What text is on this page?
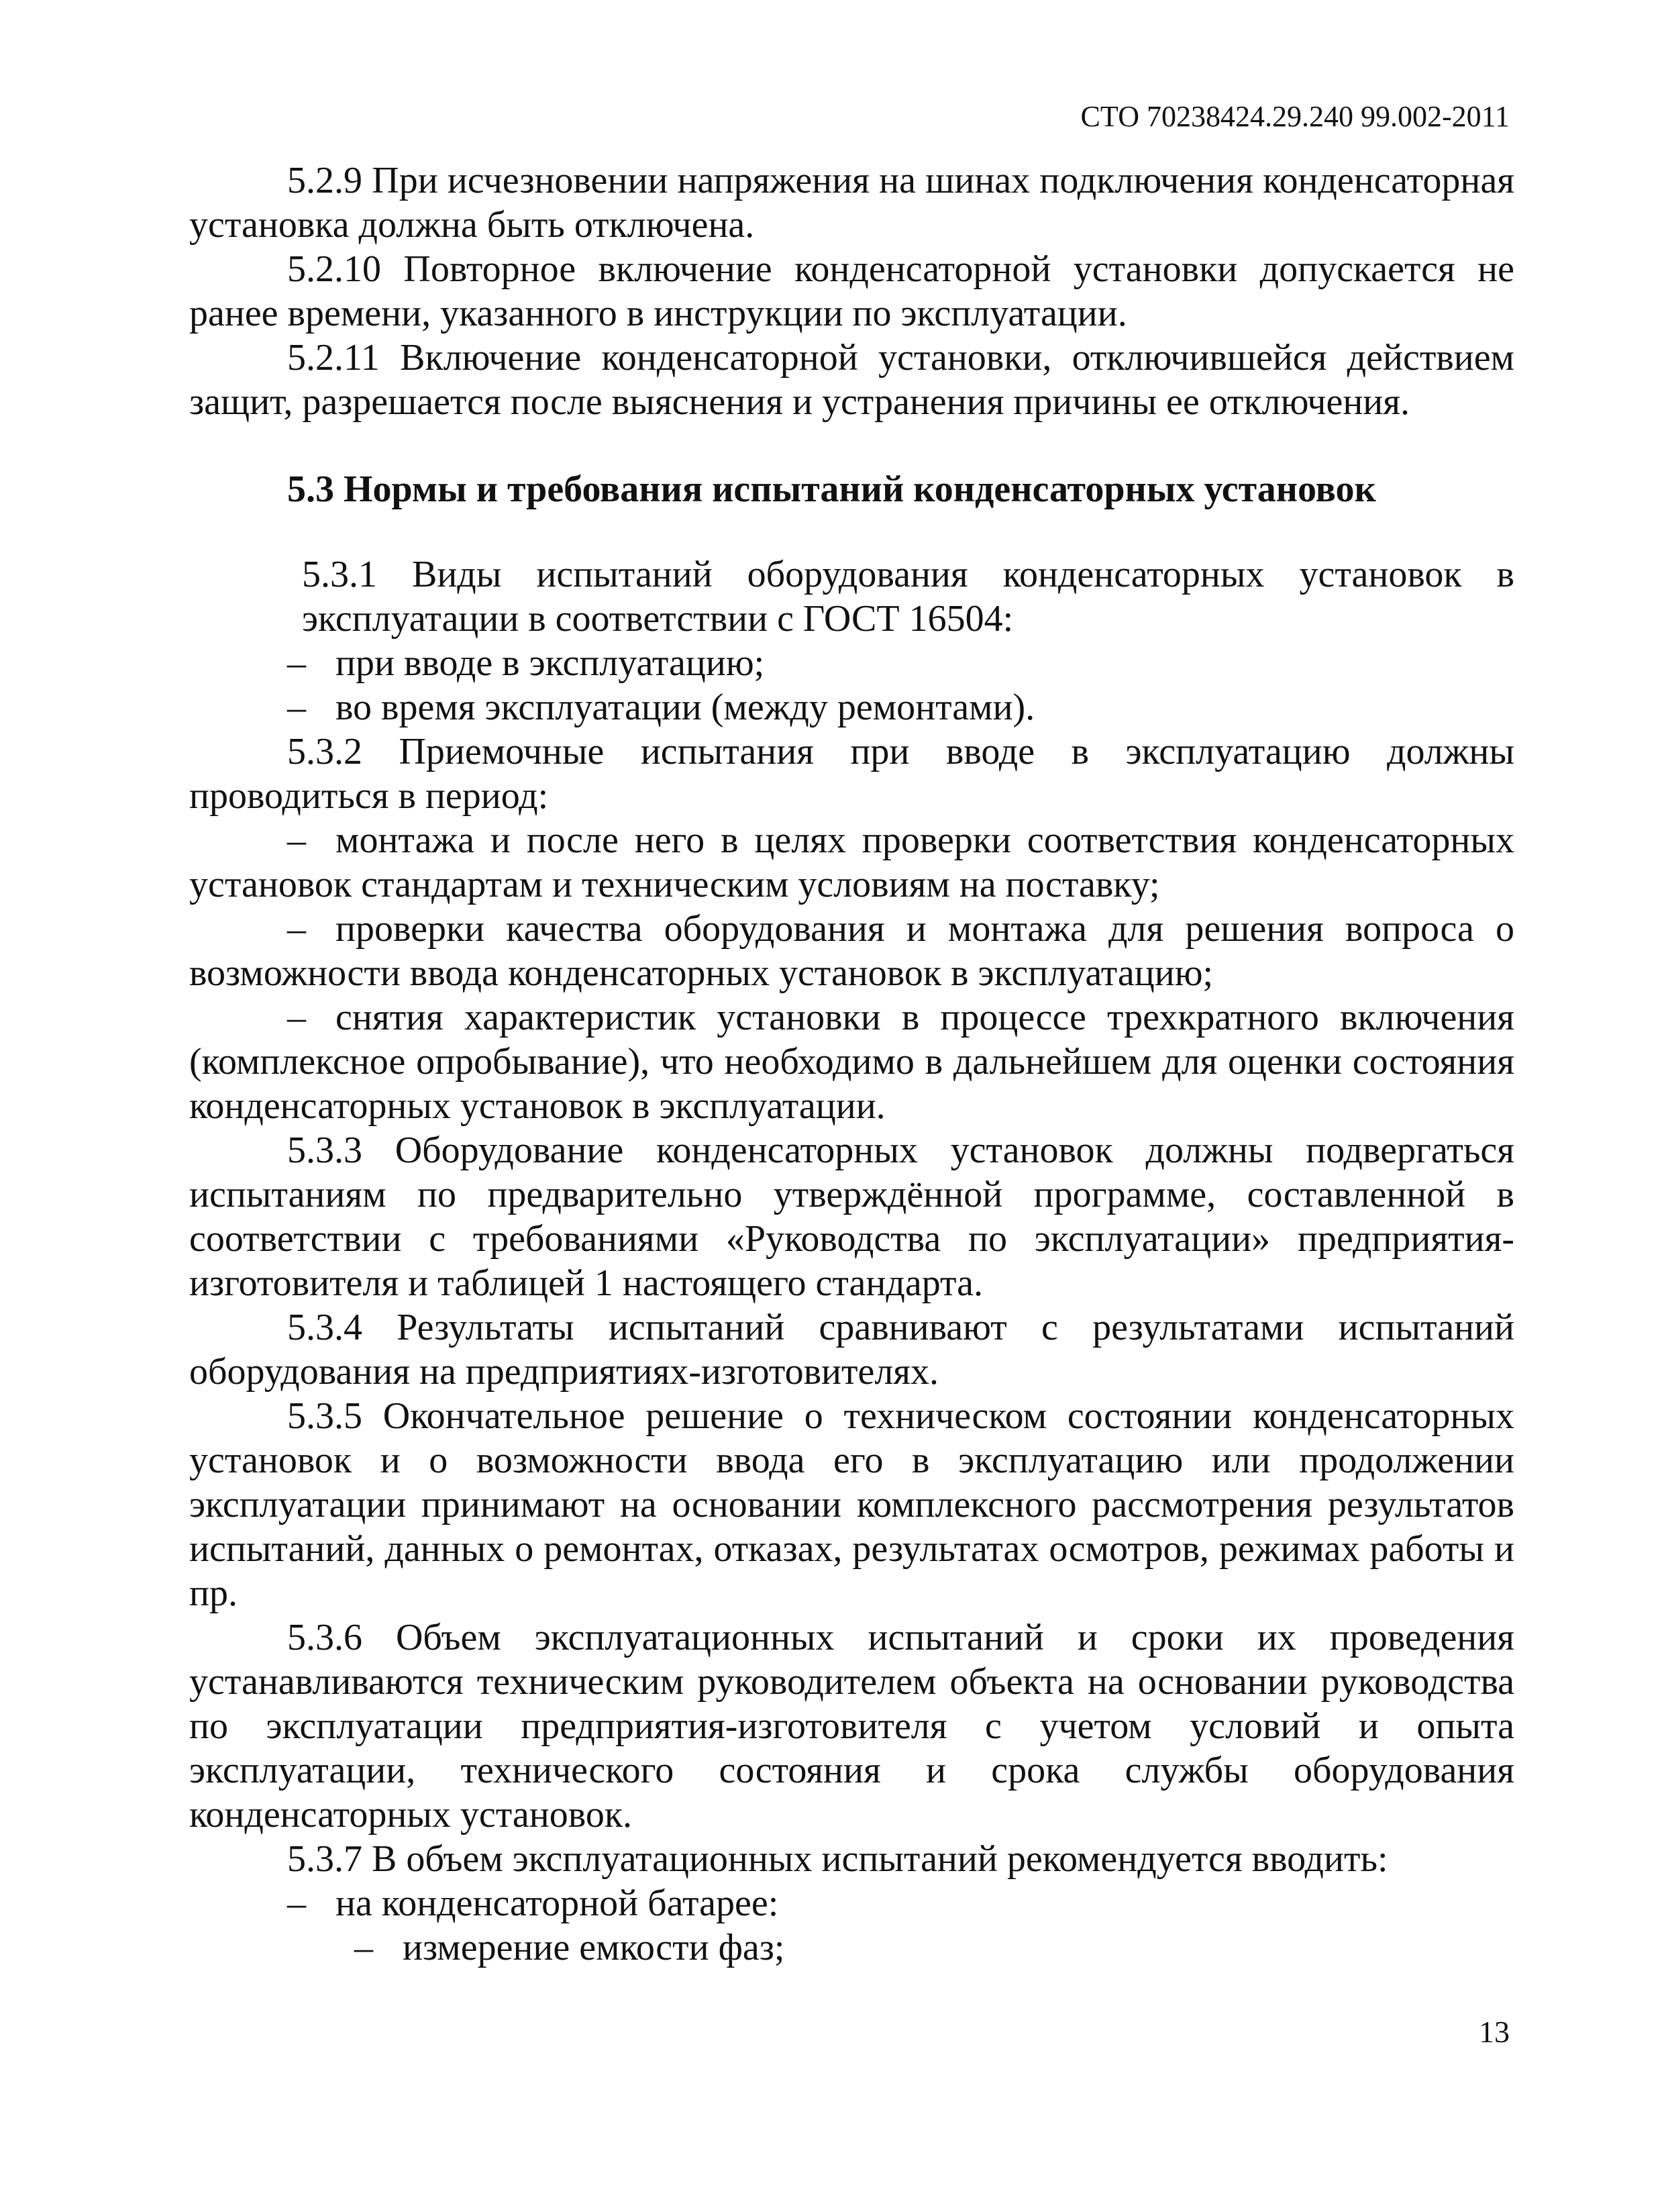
СТО 70238424.29.240 99.002-2011

5.2.9 При исчезновении напряжения на шинах подключения конденсаторная установка должна быть отключена.

5.2.10 Повторное включение конденсаторной установки допускается не ранее времени, указанного в инструкции по эксплуатации.

5.2.11 Включение конденсаторной установки, отключившейся действием защит, разрешается после выяснения и устранения причины ее отключения.

5.3 Нормы и требования испытаний конденсаторных установок

5.3.1 Виды испытаний оборудования конденсаторных установок в эксплуатации в соответствии с ГОСТ 16504:

– при вводе в эксплуатацию;

– во время эксплуатации (между ремонтами).

5.3.2 Приемочные испытания при вводе в эксплуатацию должны проводиться в период:

– монтажа и после него в целях проверки соответствия конденсаторных установок стандартам и техническим условиям на поставку;

– проверки качества оборудования и монтажа для решения вопроса о возможности ввода конденсаторных установок в эксплуатацию;

– снятия характеристик установки в процессе трехкратного включения (комплексное опробывание), что необходимо в дальнейшем для оценки состояния конденсаторных установок в эксплуатации.

5.3.3 Оборудование конденсаторных установок должны подвергаться испытаниям по предварительно утверждённой программе, составленной в соответствии с требованиями «Руководства по эксплуатации» предприятия-изготовителя и таблицей 1 настоящего стандарта.

5.3.4 Результаты испытаний сравнивают с результатами испытаний оборудования на предприятиях-изготовителях.

5.3.5 Окончательное решение о техническом состоянии конденсаторных установок и о возможности ввода его в эксплуатацию или продолжении эксплуатации принимают на основании комплексного рассмотрения результатов испытаний, данных о ремонтах, отказах, результатах осмотров, режимах работы и пр.

5.3.6 Объем эксплуатационных испытаний и сроки их проведения устанавливаются техническим руководителем объекта на основании руководства по эксплуатации предприятия-изготовителя с учетом условий и опыта эксплуатации, технического состояния и срока службы оборудования конденсаторных установок.

5.3.7 В объем эксплуатационных испытаний рекомендуется вводить:

– на конденсаторной батарее:

– измерение емкости фаз;

13
